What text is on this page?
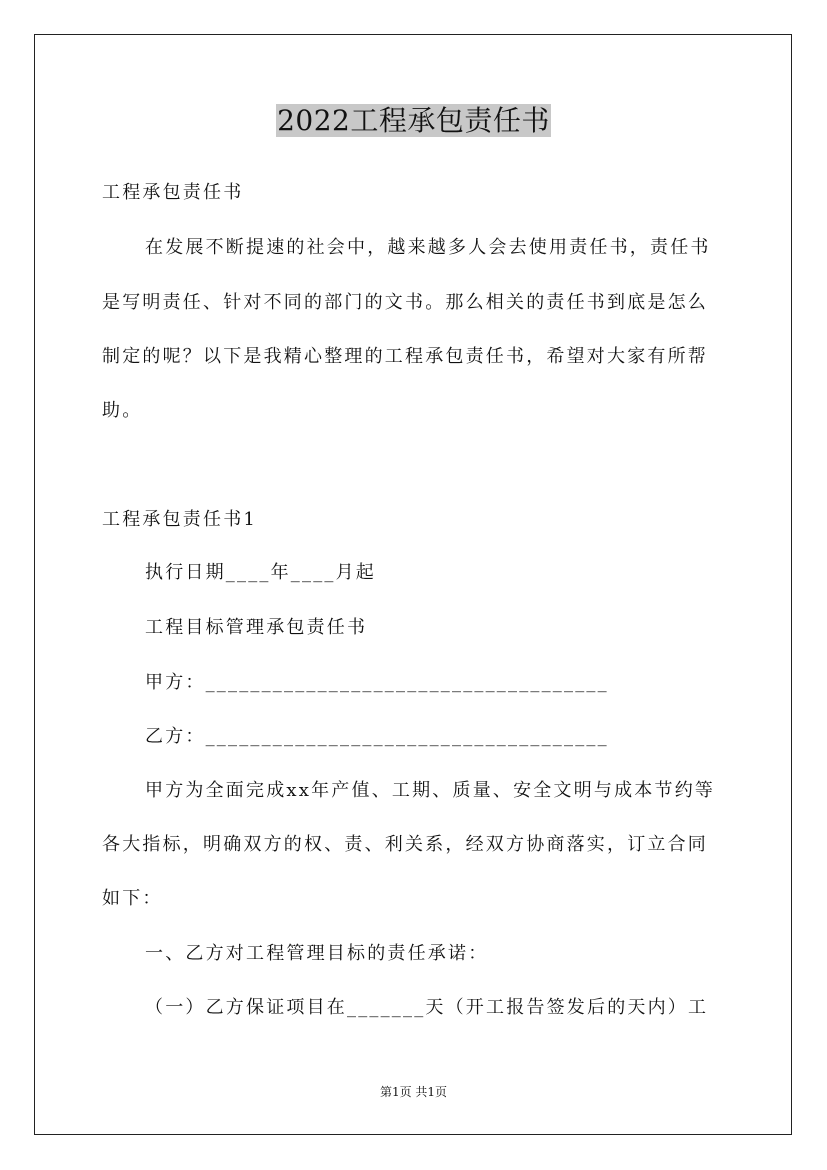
2022工程承包责任书
工程承包责任书
在发展不断提速的社会中，越来越多人会去使用责任书，责任书
是写明责任、针对不同的部门的文书。那么相关的责任书到底是怎么
制定的呢？以下是我精心整理的工程承包责任书，希望对大家有所帮
助。
工程承包责任书1
执行日期____年____月起
工程目标管理承包责任书
甲方：____________________________________
乙方：____________________________________
甲方为全面完成xx年产值、工期、质量、安全文明与成本节约等
各大指标，明确双方的权、责、利关系，经双方协商落实，订立合同
如下：
一、乙方对工程管理目标的责任承诺：
（一）乙方保证项目在_______天（开工报告签发后的天内）工
第1页 共1页
